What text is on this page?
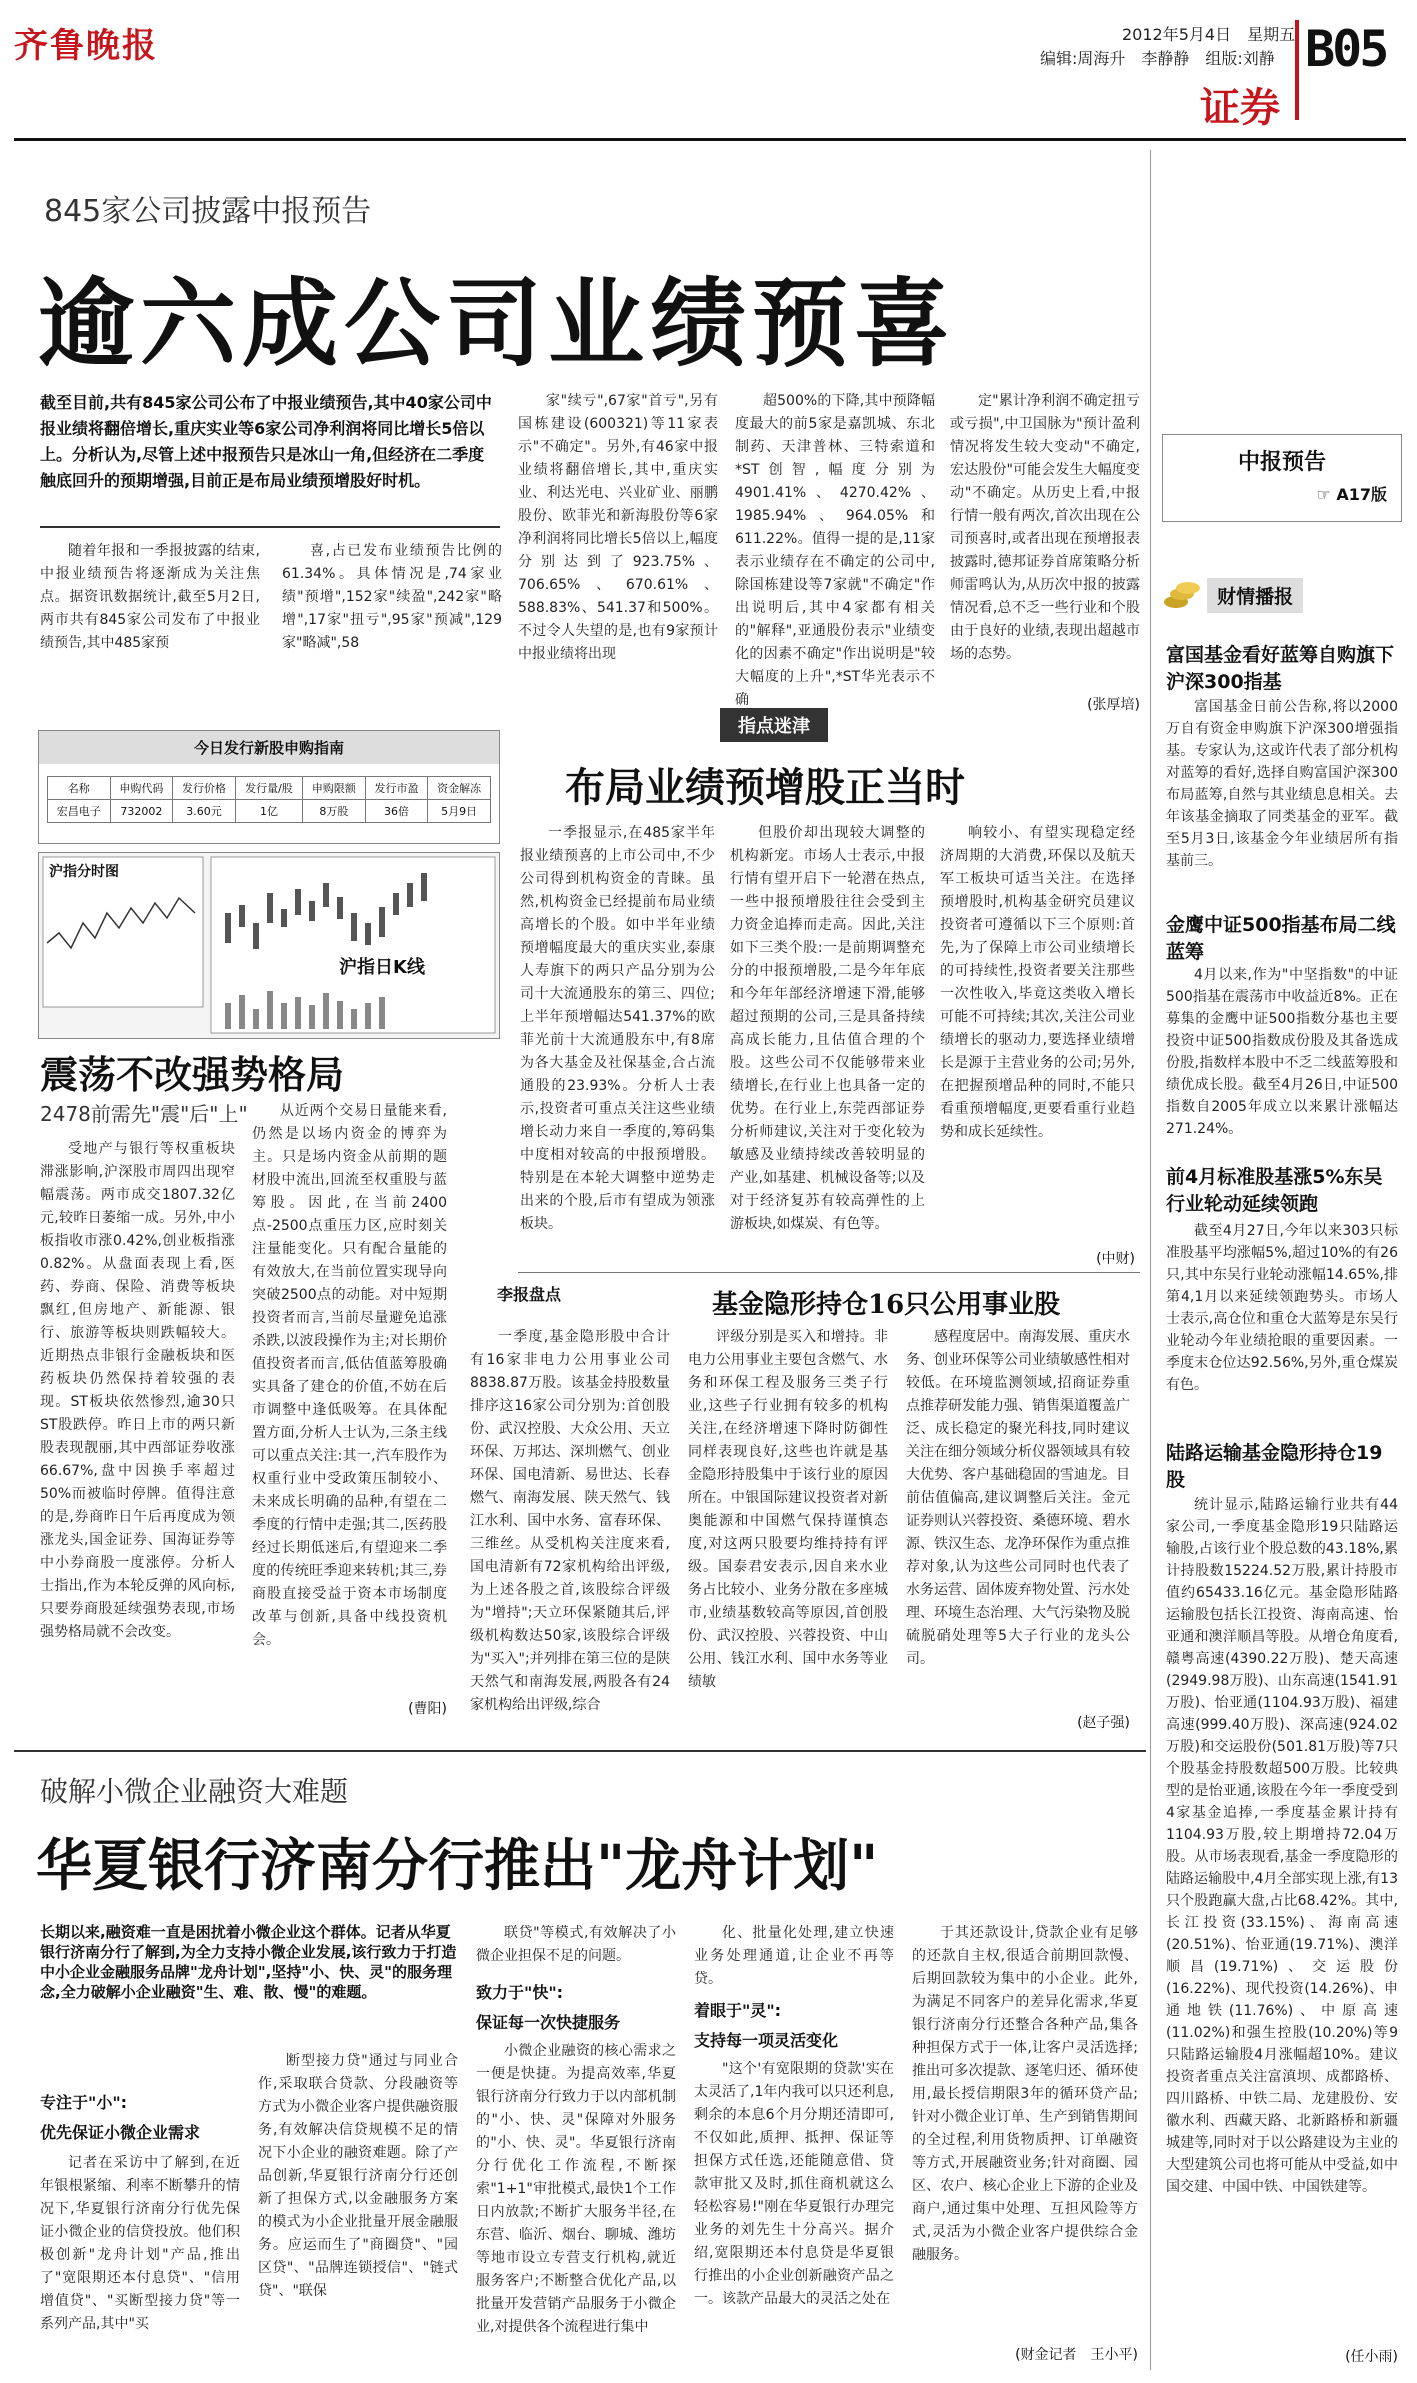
齐鲁晚报	2012年5月4日　星期五
编辑:周海升　李静静　组版:刘静 B05
证券
845家公司披露中报预告
逾六成公司业绩预喜
截至目前,共有845家公司公布了中报业绩预告,其中40家公司中报业绩将翻倍增长,重庆实业等6家公司净利润将同比增长5倍以上。分析认为,尽管上述中报预告只是冰山一角,但经济在二季度触底回升的预期增强,目前正是布局业绩预增股好时机。

随着年报和一季报披露的结束,中报业绩预告将逐渐成为关注焦点。据资讯数据统计,截至5月2日,两市共有845家公司发布了中报业绩预告,其中485家预

喜,占已发布业绩预告比例的61.34%。具体情况是,74家业绩"预增",152家"续盈",242家"略增",17家"扭亏",95家"预减",129家"略减",58

家"续亏",67家"首亏",另有国栋建设(600321)等11家表示"不确定"。另外,有46家中报业绩将翻倍增长,其中,重庆实业、利达光电、兴业矿业、丽鹏股份、欧菲光和新海股份等6家净利润将同比增长5倍以上,幅度分别达到了923.75%、706.65%、670.61%、588.83%、541.37和500%。不过令人失望的是,也有9家预计中报业绩将出现

超500%的下降,其中预降幅度最大的前5家是嘉凯城、东北制药、天津普林、三特索道和*ST创智,幅度分别为4901.41%、4270.42%、1985.94%、964.05%和611.22%。值得一提的是,11家表示业绩存在不确定的公司中,除国栋建设等7家就"不确定"作出说明后,其中4家都有相关的"解释",亚通股份表示"业绩变化的因素不确定"作出说明是"较大幅度的上升",*ST华光表示不确

定"累计净利润不确定扭亏或亏损",中卫国脉为"预计盈利情况将发生较大变动"不确定,宏达股份"可能会发生大幅度变动"不确定。从历史上看,中报行情一般有两次,首次出现在公司预喜时,或者出现在预增报表披露时,德邦证券首席策略分析师雷鸣认为,从历次中报的披露情况看,总不乏一些行业和个股由于良好的业绩,表现出超越市场的态势。

(张厚培)
今日发行新股申购指南
名称	申购代码	发行价格	发行量/股	申购限额	发行市盈	资金解冻
宏昌电子	732002	3.60元	1亿	8万股	36倍	5月9日
沪指分时图
沪指日K线
震荡不改强势格局
2478前需先"震"后"上"

受地产与银行等权重板块滞涨影响,沪深股市周四出现窄幅震荡。两市成交1807.32亿元,较昨日萎缩一成。另外,中小板指收市涨0.42%,创业板指涨0.82%。从盘面表现上看,医药、券商、保险、消费等板块飘红,但房地产、新能源、银行、旅游等板块则跌幅较大。近期热点非银行金融板块和医药板块仍然保持着较强的表现。ST板块依然惨烈,逾30只ST股跌停。昨日上市的两只新股表现靓丽,其中西部证券收涨66.67%,盘中因换手率超过50%而被临时停牌。值得注意的是,券商昨日午后再度成为领涨龙头,国金证券、国海证券等中小券商股一度涨停。分析人士指出,作为本轮反弹的风向标,只要券商股延续强势表现,市场强势格局就不会改变。

从近两个交易日量能来看,仍然是以场内资金的博弈为主。只是场内资金从前期的题材股中流出,回流至权重股与蓝筹股。因此,在当前2400点-2500点重压力区,应时刻关注量能变化。只有配合量能的有效放大,在当前位置实现导向突破2500点的动能。对中短期投资者而言,当前尽量避免追涨杀跌,以波段操作为主;对长期价值投资者而言,低估值蓝筹股确实具备了建仓的价值,不妨在后市调整中逢低吸筹。在具体配置方面,分析人士认为,三条主线可以重点关注:其一,汽车股作为权重行业中受政策压制较小、未来成长明确的品种,有望在二季度的行情中走强;其二,医药股经过长期低迷后,有望迎来二季度的传统旺季迎来转机;其三,券商股直接受益于资本市场制度改革与创新,具备中线投资机会。

(曹阳)
指点迷津
布局业绩预增股正当时

一季报显示,在485家半年报业绩预喜的上市公司中,不少公司得到机构资金的青睐。虽然,机构资金已经提前布局业绩高增长的个股。如中半年业绩预增幅度最大的重庆实业,泰康人寿旗下的两只产品分别为公司十大流通股东的第三、四位;上半年预增幅达541.37%的欧菲光前十大流通股东中,有8席为各大基金及社保基金,合占流通股的23.93%。分析人士表示,投资者可重点关注这些业绩增长动力来自一季度的,筹码集中度相对较高的中报预增股。特别是在本轮大调整中逆势走出来的个股,后市有望成为领涨板块。

但股价却出现较大调整的机构新宠。市场人士表示,中报行情有望开启下一轮潜在热点,一些中报预增股往往会受到主力资金追捧而走高。因此,关注如下三类个股:一是前期调整充分的中报预增股,二是今年年底和今年年部经济增速下滑,能够超过预期的公司,三是具备持续高成长能力,且估值合理的个股。这些公司不仅能够带来业绩增长,在行业上也具备一定的优势。在行业上,东莞西部证券分析师建议,关注对于变化较为敏感及业绩持续改善较明显的产业,如基建、机械设备等;以及对于经济复苏有较高弹性的上游板块,如煤炭、有色等。

响较小、有望实现稳定经济周期的大消费,环保以及航天军工板块可适当关注。在选择预增股时,机构基金研究员建议投资者可遵循以下三个原则:首先,为了保障上市公司业绩增长的可持续性,投资者要关注那些一次性收入,毕竟这类收入增长可能不可持续;其次,关注公司业绩增长的驱动力,要选择业绩增长是源于主营业务的公司;另外,在把握预增品种的同时,不能只看重预增幅度,更要看重行业趋势和成长延续性。

(中财)
李报盘点	基金隐形持仓16只公用事业股

一季度,基金隐形股中合计有16家非电力公用事业公司8838.87万股。该基金持股数量排序这16家公司分别为:首创股份、武汉控股、大众公用、天立环保、万邦达、深圳燃气、创业环保、国电清新、易世达、长春燃气、南海发展、陕天然气、钱江水利、国中水务、富春环保、三维丝。从受机构关注度来看,国电清新有72家机构给出评级,为上述各股之首,该股综合评级为"增持";天立环保紧随其后,评级机构数达50家,该股综合评级为"买入";并列排在第三位的是陕天然气和南海发展,两股各有24家机构给出评级,综合

评级分别是买入和增持。非电力公用事业主要包含燃气、水务和环保工程及服务三类子行业,这些子行业拥有较多的机构关注,在经济增速下降时防御性同样表现良好,这些也许就是基金隐形持股集中于该行业的原因所在。中银国际建议投资者对新奥能源和中国燃气保持谨慎态度,对这两只股要均维持持有评级。国泰君安表示,因自来水业务占比较小、业务分散在多座城市,业绩基数较高等原因,首创股份、武汉控股、兴蓉投资、中山公用、钱江水利、国中水务等业绩敏

感程度居中。南海发展、重庆水务、创业环保等公司业绩敏感性相对较低。在环境监测领域,招商证券重点推荐研发能力强、销售渠道覆盖广泛、成长稳定的聚光科技,同时建议关注在细分领域分析仪器领域具有较大优势、客户基础稳固的雪迪龙。目前估值偏高,建议调整后关注。金元证券则认兴蓉投资、桑德环境、碧水源、铁汉生态、龙净环保作为重点推荐对象,认为这些公司同时也代表了水务运营、固体废弃物处置、污水处理、环境生态治理、大气污染物及脱硫脱硝处理等5大子行业的龙头公司。

(赵子强)
破解小微企业融资大难题
华夏银行济南分行推出"龙舟计划"
长期以来,融资难一直是困扰着小微企业这个群体。记者从华夏银行济南分行了解到,为全力支持小微企业发展,该行致力于打造中小企业金融服务品牌"龙舟计划",坚持"小、快、灵"的服务理念,全力破解小企业融资"生、难、散、慢"的难题。
专注于"小":
优先保证小微企业需求

记者在采访中了解到,在近年银根紧缩、利率不断攀升的情况下,华夏银行济南分行优先保证小微企业的信贷投放。他们积极创新"龙舟计划"产品,推出了"宽限期还本付息贷"、"信用增值贷"、"买断型接力贷"等一系列产品,其中"买

断型接力贷"通过与同业合作,采取联合贷款、分段融资等方式为小微企业客户提供融资服务,有效解决信贷规模不足的情况下小企业的融资难题。除了产品创新,华夏银行济南分行还创新了担保方式,以金融服务方案的模式为小企业批量开展金融服务。应运而生了"商圈贷"、"园区贷"、"品牌连锁授信"、"链式贷"、"联保

联贷"等模式,有效解决了小微企业担保不足的问题。

致力于"快":
保证每一次快捷服务

小微企业融资的核心需求之一便是快捷。为提高效率,华夏银行济南分行致力于以内部机制的"小、快、灵"保障对外服务的"小、快、灵"。华夏银行济南分行优化工作流程,不断探索"1+1"审批模式,最快1个工作日内放款;不断扩大服务半径,在东营、临沂、烟台、聊城、潍坊等地市设立专营支行机构,就近服务客户;不断整合优化产品,以批量开发营销产品服务于小微企业,对提供各个流程进行集中

化、批量化处理,建立快速业务处理通道,让企业不再等贷。

着眼于"灵":
支持每一项灵活变化

"这个'有宽限期的贷款'实在太灵活了,1年内我可以只还利息,剩余的本息6个月分期还清即可,不仅如此,质押、抵押、保证等担保方式任选,还能随意借、贷款审批又及时,抓住商机就这么轻松容易!"刚在华夏银行办理完业务的刘先生十分高兴。据介绍,宽限期还本付息贷是华夏银行推出的小企业创新融资产品之一。该款产品最大的灵活之处在

于其还款设计,贷款企业有足够的还款自主权,很适合前期回款慢、后期回款较为集中的小企业。此外,为满足不同客户的差异化需求,华夏银行济南分行还整合各种产品,集各种担保方式于一体,让客户灵活选择;推出可多次提款、逐笔归还、循环使用,最长授信期限3年的循环贷产品;针对小微企业订单、生产到销售期间的全过程,利用货物质押、订单融资等方式,开展融资业务;针对商圈、园区、农户、核心企业上下游的企业及商户,通过集中处理、互担风险等方式,灵活为小微企业客户提供综合金融服务。

(财金记者　王小平)
中报预告
☞ A17版
财情播报
富国基金看好蓝筹自购旗下沪深300指基

富国基金日前公告称,将以2000万自有资金申购旗下沪深300增强指基。专家认为,这或许代表了部分机构对蓝筹的看好,选择自购富国沪深300布局蓝筹,自然与其业绩息息相关。去年该基金摘取了同类基金的亚军。截至5月3日,该基金今年业绩居所有指基前三。

金鹰中证500指基布局二线蓝筹

4月以来,作为"中坚指数"的中证500指基在震荡市中收益近8%。正在募集的金鹰中证500指数分基也主要投资中证500指数成份股及其备选成份股,指数样本股中不乏二线蓝筹股和绩优成长股。截至4月26日,中证500指数自2005年成立以来累计涨幅达271.24%。

前4月标准股基涨5%东吴行业轮动延续领跑

截至4月27日,今年以来303只标准股基平均涨幅5%,超过10%的有26只,其中东吴行业轮动涨幅14.65%,排第4,1月以来延续领跑势头。市场人士表示,高仓位和重仓大蓝筹是东吴行业轮动今年业绩抢眼的重要因素。一季度末仓位达92.56%,另外,重仓煤炭有色。

陆路运输基金隐形持仓19股

统计显示,陆路运输行业共有44家公司,一季度基金隐形19只陆路运输股,占该行业个股总数的43.18%,累计持股数15224.52万股,累计持股市值约65433.16亿元。基金隐形陆路运输股包括长江投资、海南高速、怡亚通和澳洋顺昌等股。从增仓角度看,赣粤高速(4390.22万股)、楚天高速(2949.98万股)、山东高速(1541.91万股)、怡亚通(1104.93万股)、福建高速(999.40万股)、深高速(924.02万股)和交运股份(501.81万股)等7只个股基金持股数超500万股。比较典型的是怡亚通,该股在今年一季度受到4家基金追捧,一季度基金累计持有1104.93万股,较上期增持72.04万股。从市场表现看,基金一季度隐形的陆路运输股中,4月全部实现上涨,有13只个股跑赢大盘,占比68.42%。其中,长江投资(33.15%)、海南高速(20.51%)、怡亚通(19.71%)、澳洋顺昌(19.71%)、交运股份(16.22%)、现代投资(14.26%)、申通地铁(11.76%)、中原高速(11.02%)和强生控股(10.20%)等9只陆路运输股4月涨幅超10%。建议投资者重点关注富滇坝、成都路桥、四川路桥、中铁二局、龙建股份、安徽水利、西藏天路、北新路桥和新疆城建等,同时对于以公路建设为主业的大型建筑公司也将可能从中受益,如中国交建、中国中铁、中国铁建等。

(任小雨)
